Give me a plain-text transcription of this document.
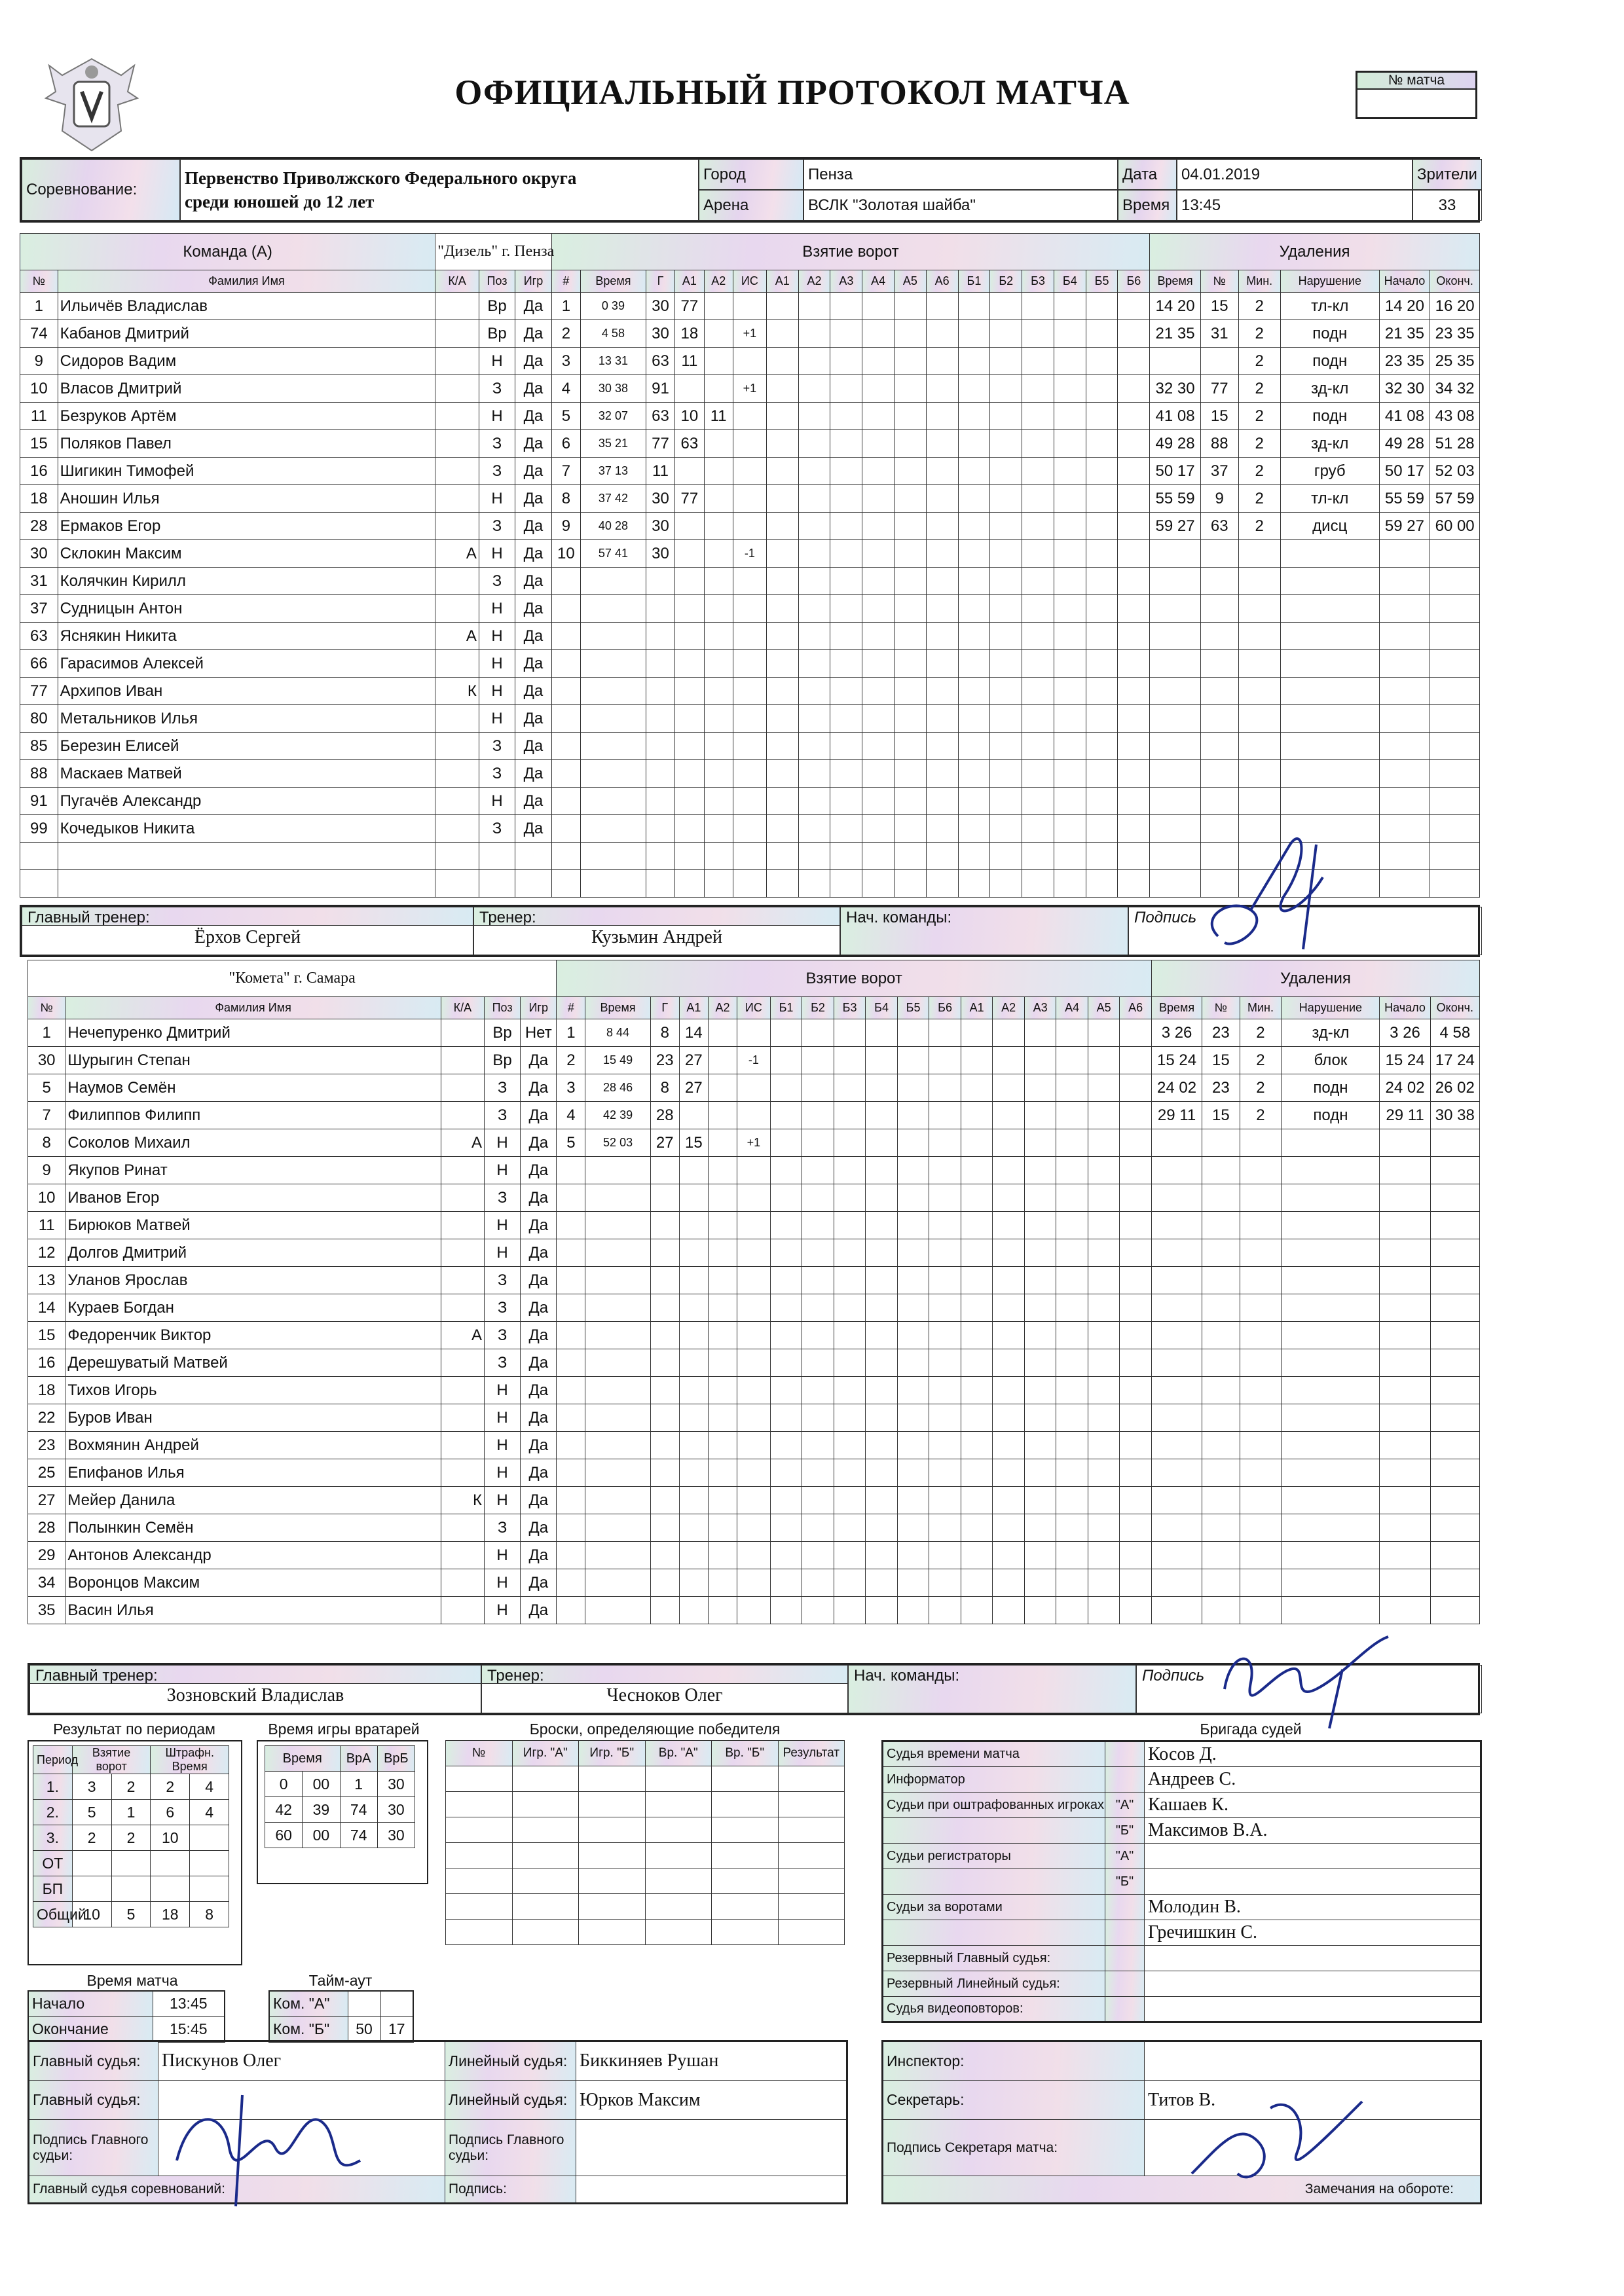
ОФИЦИАЛЬНЫЙ ПРОТОКОЛ МАТЧА	№ матча
Соревнование:
Первенство Приволжского Федерального округа
среди юношей до 12 лет
Город	Пенза	Дата	04.01.2019	Зрители
Арена	ВСЛК "Золотая шайба"	Время 13:45	33
Команда (А)		"Дизель" г. Пенза			Взятие ворот																		Удаления					
№	Фамилия Имя	К/А	Поз	Игр	#	Время	Г	А1	А2	ИС	А1	А2	А3	А4	А5	А6	Б1	Б2	Б3	Б4	Б5	Б6	Время	№	Мин.	Нарушение	Начало	Оконч.
1	Ильичёв Владислав		Вр	Да	1	0 39	30	77															14 20	15	2	тл-кл	14 20	16 20
74	Кабанов Дмитрий		Вр	Да	2	4 58	30	18		+1													21 35	31	2	подн	21 35	23 35
9	Сидоров Вадим		Н	Да	3	13 31	63	11																	2	подн	23 35	25 35
10	Власов Дмитрий		З	Да	4	30 38	91			+1													32 30	77	2	зд-кл	32 30	34 32
11	Безруков Артём		Н	Да	5	32 07	63	10	11														41 08	15	2	подн	41 08	43 08
15	Поляков Павел		З	Да	6	35 21	77	63															49 28	88	2	зд-кл	49 28	51 28
16	Шигикин Тимофей		З	Да	7	37 13	11																50 17	37	2	груб	50 17	52 03
18	Аношин Илья		Н	Да	8	37 42	30	77															55 59	9	2	тл-кл	55 59	57 59
28	Ермаков Егор		З	Да	9	40 28	30																59 27	63	2	дисц	59 27	60 00
30	Склокин Максим	А	Н	Да	10	57 41	30			-1																		
31	Колячкин Кирилл		З	Да																								
37	Судницын Антон		Н	Да																								
63	Яснякин Никита	А	Н	Да																								
66	Гарасимов Алексей		Н	Да																								
77	Архипов Иван	К	Н	Да																								
80	Метальников Илья		Н	Да																								
85	Березин Елисей		З	Да																								
88	Маскаев Матвей		З	Да																								
91	Пугачёв Александр		Н	Да																								
99	Кочедыков Никита		З	Да																								

Главный тренер:	Тренер:	Нач. команды:	Подпись
Ёрхов Сергей	Кузьмин Андрей
"Комета" г. Самара					Взятие ворот																		Удаления					
№	Фамилия Имя	К/А	Поз	Игр	#	Время	Г	А1	А2	ИС	Б1	Б2	Б3	Б4	Б5	Б6	А1	А2	А3	А4	А5	А6	Время	№	Мин.	Нарушение	Начало	Оконч.
1	Нечепуренко Дмитрий		Вр	Нет	1	8 44	8	14															3 26	23	2	зд-кл	3 26	4 58
30	Шурыгин Степан		Вр	Да	2	15 49	23	27		-1													15 24	15	2	блок	15 24	17 24
5	Наумов Семён		З	Да	3	28 46	8	27															24 02	23	2	подн	24 02	26 02
7	Филиппов Филипп		З	Да	4	42 39	28																29 11	15	2	подн	29 11	30 38
8	Соколов Михаил	А	Н	Да	5	52 03	27	15		+1																		
9	Якупов Ринат		Н	Да																								
10	Иванов Егор		З	Да																								
11	Бирюков Матвей		Н	Да																								
12	Долгов Дмитрий		Н	Да																								
13	Уланов Ярослав		З	Да																								
14	Кураев Богдан		З	Да																								
15	Федоренчик Виктор	А	З	Да																								
16	Дерешуватый Матвей		З	Да																								
18	Тихов Игорь		Н	Да																								
22	Буров Иван		Н	Да																								
23	Вохмянин Андрей		Н	Да																								
25	Епифанов Илья		Н	Да																								
27	Мейер Данила	К	Н	Да																								
28	Полынкин Семён		З	Да																								
29	Антонов Александр		Н	Да																								
34	Воронцов Максим		Н	Да																								
35	Васин Илья		Н	Да																								
Главный тренер:	Тренер:	Нач. команды:	Подпись
Зозновский Владислав	Чесноков Олег
Результат по периодам
Период	Взятие ворот		Штрафн. Время	
1.	3	2	2	4
2.	5	1	6	4
3.	2	2	10	
ОТ				
БП				
Общий	10	5	18	8
Время игры вратарей
Время		ВрА	ВрБ
0	00	1	30
42	39	74	30
60	00	74	30
Броски, определяющие победителя
№	Игр. "А"	Игр. "Б"	Вр. "А"	Вр. "Б"	Результат

Время матча
Начало	13:45
Окончание	15:45
Тайм-аут
Ком. "А"		
Ком. "Б"	50	17
Бригада судей
Судья времени матча		Косов Д.
Информатор		Андреев С.
Судьи при оштрафованных игроках	"А"	Кашаев К.
	"Б"	Максимов В.А.
Судьи регистраторы	"А"	
	"Б"	
Судьи за воротами		Молодин В.
		Гречишкин С.
Резервный Главный судья:		
Резервный Линейный судья:		
Судья видеоповторов:		
Главный судья:	Пискунов Олег	Линейный судья:	Биккиняев Рушан
Главный судья:		Линейный судья:	Юрков Максим
Подпись Главного судьи:		Подпись Главного судьи:	
Главный судья соревнований:		Подпись:	
Инспектор:	
Секретарь:	Титов В.
Подпись Секретаря матча:	
Замечания на обороте:	
